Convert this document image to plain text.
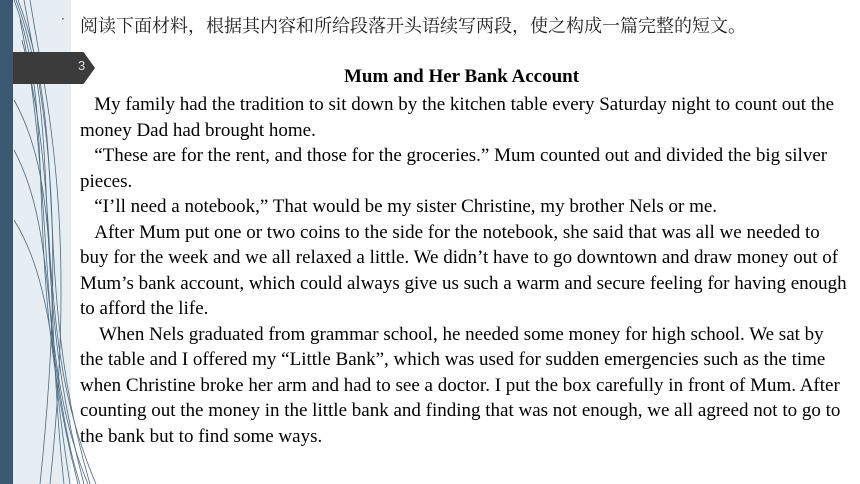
3
· 阅读下面材料，根据其内容和所给段落开头语续写两段，使之构成一篇完整的短文。
Mum and Her Bank Account

My family had the tradition to sit down by the kitchen table every Saturday night to count out the money Dad had brought home.

“These are for the rent, and those for the groceries.” Mum counted out and divided the big silver pieces.

“I’ll need a notebook,” That would be my sister Christine, my brother Nels or me.

After Mum put one or two coins to the side for the notebook, she said that was all we needed to buy for the week and we all relaxed a little. We didn’t have to go downtown and draw money out of Mum’s bank account, which could always give us such a warm and secure feeling for having enough to afford the life.

When Nels graduated from grammar school, he needed some money for high school. We sat by the table and I offered my “Little Bank”, which was used for sudden emergencies such as the time when Christine broke her arm and had to see a doctor. I put the box carefully in front of Mum. After counting out the money in the little bank and finding that was not enough, we all agreed not to go to the bank but to find some ways.
